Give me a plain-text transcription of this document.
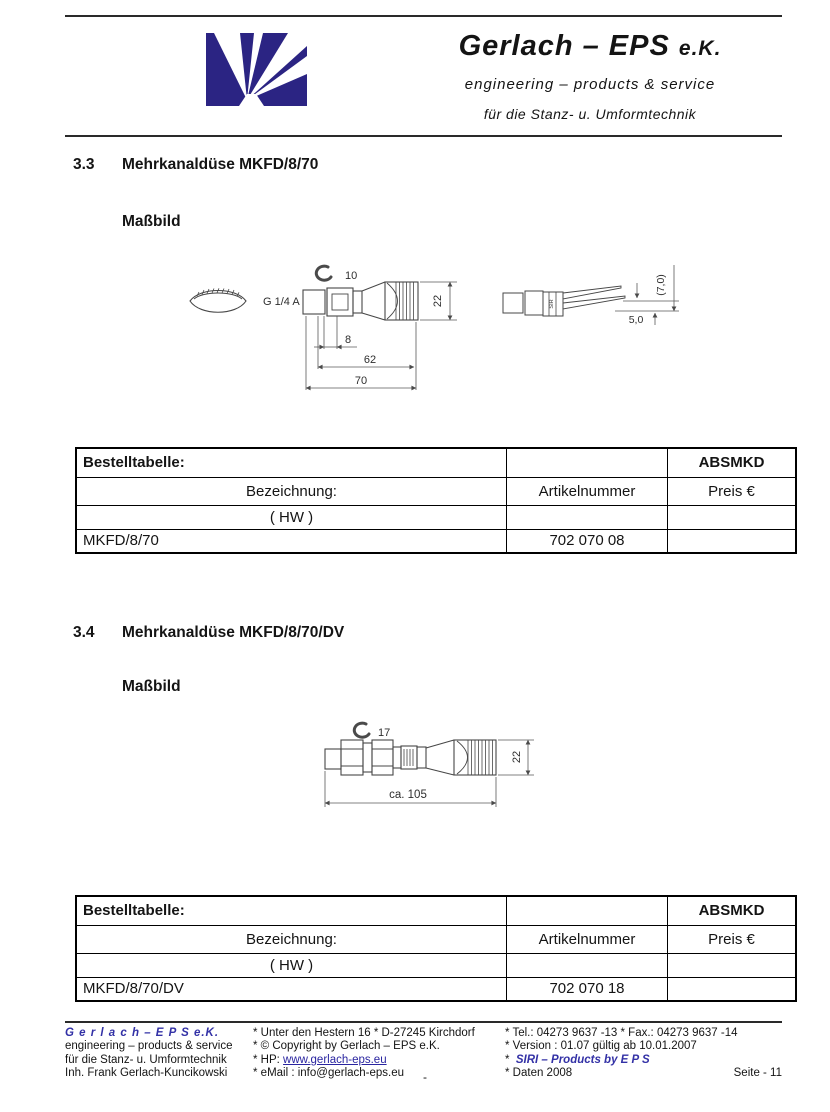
Gerlach – EPS e.K.
engineering – products & service
für die Stanz- u. Umformtechnik
3.3 Mehrkanaldüse MKFD/8/70
Maßbild
10
G 1/4 A	22
8
62
70
SIR
(7,0)
5,0
Bestelltabelle:		ABSMKD
Bezeichnung:	Artikelnummer	Preis €
( HW )		
MKFD/8/70	702 070 08	
3.4 Mehrkanaldüse MKFD/8/70/DV
Maßbild
17
22
ca. 105
Bestelltabelle:		ABSMKD
Bezeichnung:	Artikelnummer	Preis €
( HW )		
MKFD/8/70/DV	702 070 18	
G e r l a c h – E P S e.K.
engineering – products & service
für die Stanz- u. Umformtechnik
Inh. Frank Gerlach-Kuncikowski
* Unter den Hestern 16 * D-27245 Kirchdorf
* © Copyright by Gerlach – EPS e.K.
* HP: www.gerlach-eps.eu
* eMail : info@gerlach-eps.eu
* Tel.: 04273 9637 -13 * Fax.: 04273 9637 -14
* Version : 01.07 gültig ab 10.01.2007
* SIRI – Products by E P S
* Daten 2008	Seite - 11
-
